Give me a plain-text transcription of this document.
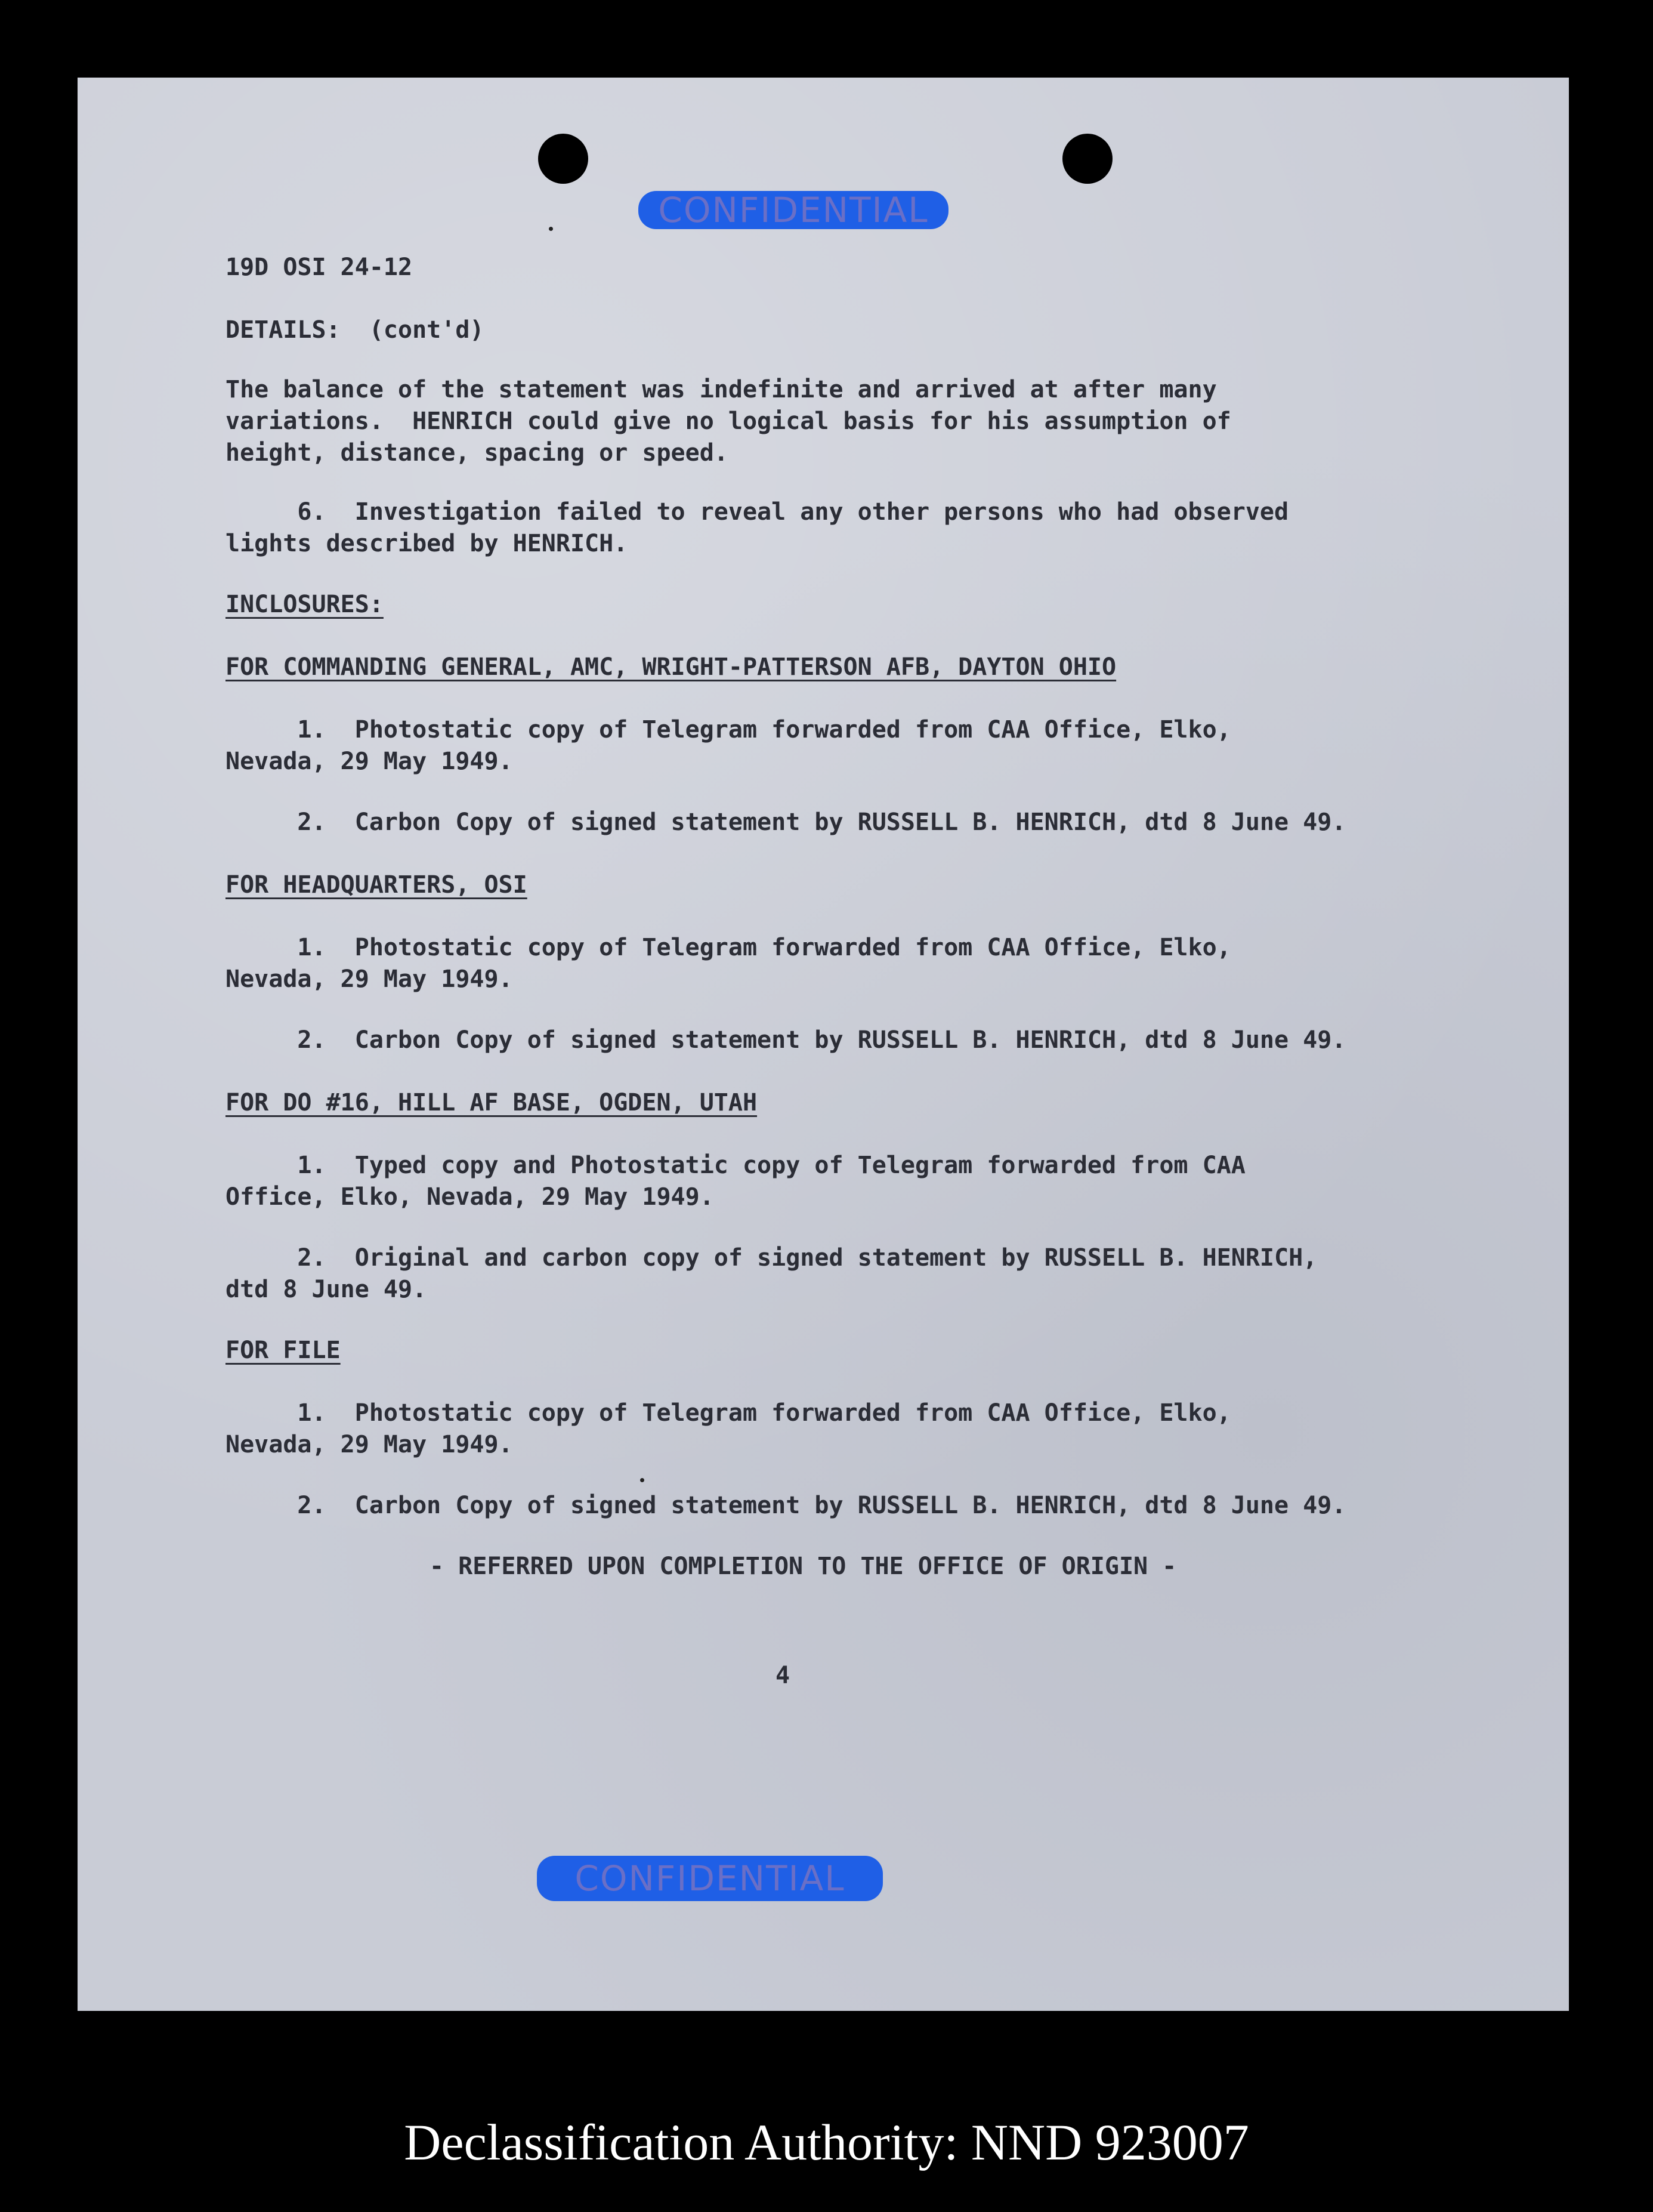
CONFIDENTIAL
19D OSI 24-12
DETAILS:  (cont'd)
The balance of the statement was indefinite and arrived at after many
variations.  HENRICH could give no logical basis for his assumption of
height, distance, spacing or speed.
6.  Investigation failed to reveal any other persons who had observed
lights described by HENRICH.
INCLOSURES:
FOR COMMANDING GENERAL, AMC, WRIGHT-PATTERSON AFB, DAYTON OHIO
1.  Photostatic copy of Telegram forwarded from CAA Office, Elko,
Nevada, 29 May 1949.
2.  Carbon Copy of signed statement by RUSSELL B. HENRICH, dtd 8 June 49.
FOR HEADQUARTERS, OSI
1.  Photostatic copy of Telegram forwarded from CAA Office, Elko,
Nevada, 29 May 1949.
2.  Carbon Copy of signed statement by RUSSELL B. HENRICH, dtd 8 June 49.
FOR DO #16, HILL AF BASE, OGDEN, UTAH
1.  Typed copy and Photostatic copy of Telegram forwarded from CAA
Office, Elko, Nevada, 29 May 1949.
2.  Original and carbon copy of signed statement by RUSSELL B. HENRICH,
dtd 8 June 49.
FOR FILE
1.  Photostatic copy of Telegram forwarded from CAA Office, Elko,
Nevada, 29 May 1949.
2.  Carbon Copy of signed statement by RUSSELL B. HENRICH, dtd 8 June 49.
- REFERRED UPON COMPLETION TO THE OFFICE OF ORIGIN -
4
CONFIDENTIAL
Declassification Authority: NND 923007
